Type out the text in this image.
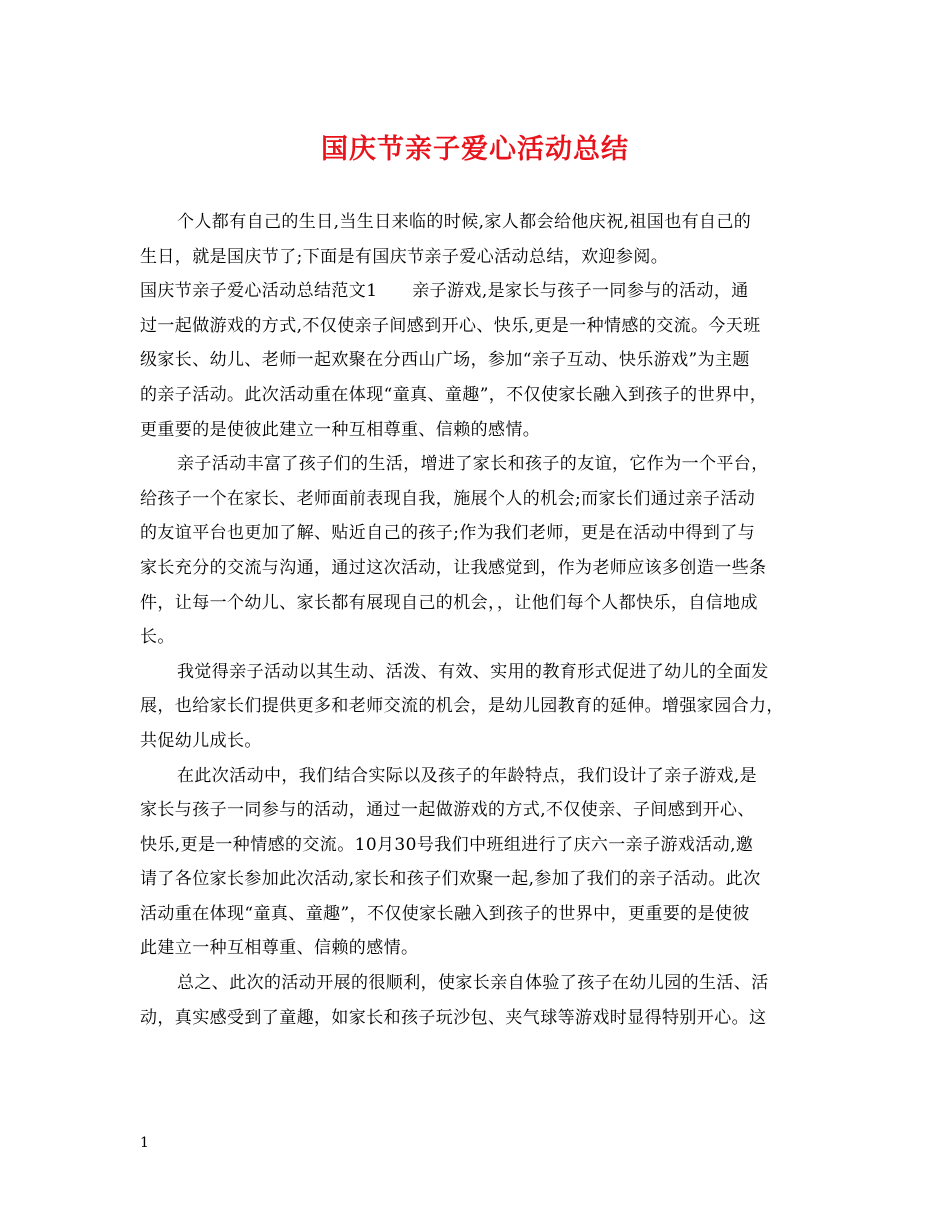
国庆节亲子爱心活动总结
个人都有自己的生日,当生日来临的时候,家人都会给他庆祝,祖国也有自己的
生日，就是国庆节了;下面是有国庆节亲子爱心活动总结，欢迎参阅。
国庆节亲子爱心活动总结范文1　　亲子游戏,是家长与孩子一同参与的活动，通
过一起做游戏的方式,不仅使亲子间感到开心、快乐,更是一种情感的交流。今天班
级家长、幼儿、老师一起欢聚在分西山广场，参加“亲子互动、快乐游戏”为主题
的亲子活动。此次活动重在体现“童真、童趣”，不仅使家长融入到孩子的世界中，
更重要的是使彼此建立一种互相尊重、信赖的感情。
亲子活动丰富了孩子们的生活，增进了家长和孩子的友谊，它作为一个平台，
给孩子一个在家长、老师面前表现自我，施展个人的机会;而家长们通过亲子活动
的友谊平台也更加了解、贴近自己的孩子;作为我们老师，更是在活动中得到了与
家长充分的交流与沟通，通过这次活动，让我感觉到，作为老师应该多创造一些条
件，让每一个幼儿、家长都有展现自己的机会，，让他们每个人都快乐，自信地成
长。
我觉得亲子活动以其生动、活泼、有效、实用的教育形式促进了幼儿的全面发
展，也给家长们提供更多和老师交流的机会，是幼儿园教育的延伸。增强家园合力，
共促幼儿成长。
在此次活动中，我们结合实际以及孩子的年龄特点，我们设计了亲子游戏,是
家长与孩子一同参与的活动，通过一起做游戏的方式,不仅使亲、子间感到开心、
快乐,更是一种情感的交流。10月30号我们中班组进行了庆六一亲子游戏活动,邀
请了各位家长参加此次活动,家长和孩子们欢聚一起,参加了我们的亲子活动。此次
活动重在体现“童真、童趣”，不仅使家长融入到孩子的世界中，更重要的是使彼
此建立一种互相尊重、信赖的感情。
总之、此次的活动开展的很顺利，使家长亲自体验了孩子在幼儿园的生活、活
动，真实感受到了童趣，如家长和孩子玩沙包、夹气球等游戏时显得特别开心。这
1
